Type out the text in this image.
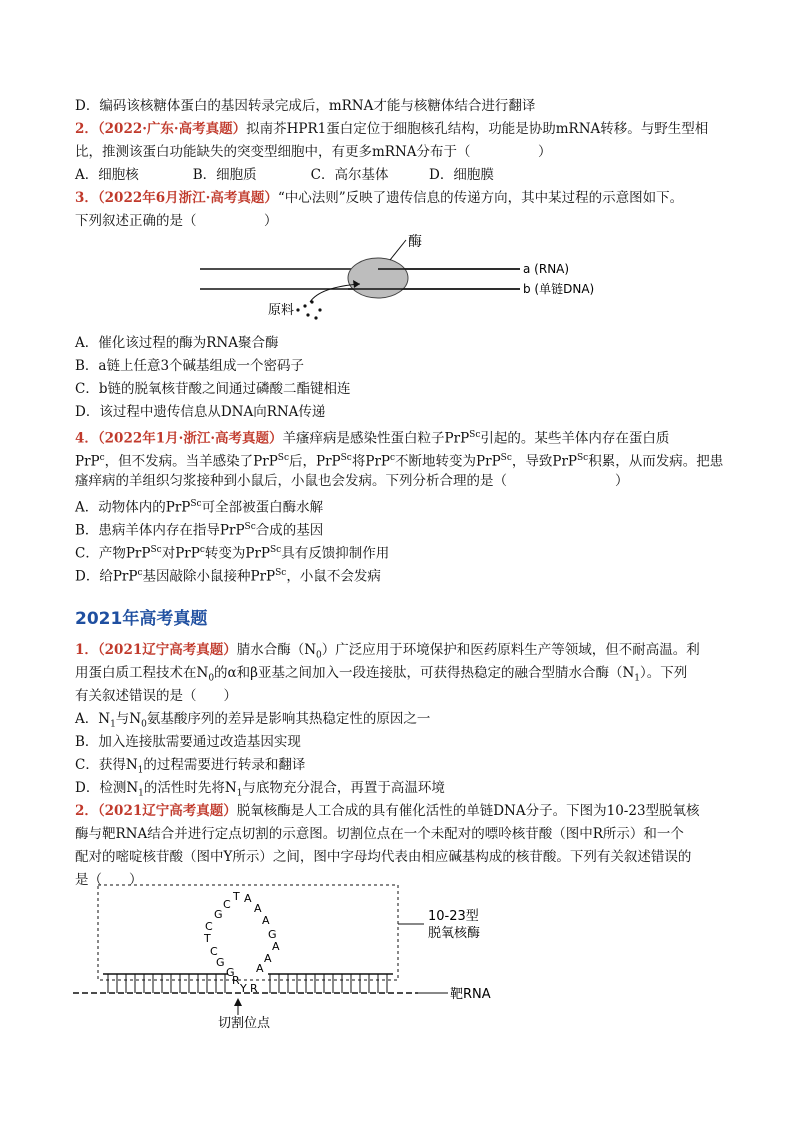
D．编码该核糖体蛋白的基因转录完成后，mRNA才能与核糖体结合进行翻译
2．（2022·广东·高考真题）拟南芥HPR1蛋白定位于细胞核孔结构，功能是协助mRNA转移。与野生型相
比，推测该蛋白功能缺失的突变型细胞中，有更多mRNA分布于（　　　　　）
A．细胞核　　　　B．细胞质　　　　C．高尔基体　　　D．细胞膜
3．（2022年6月浙江·高考真题）“中心法则”反映了遗传信息的传递方向，其中某过程的示意图如下。
下列叙述正确的是（　　　　　）
酶
a (RNA)
b (单链DNA)
原料
A．催化该过程的酶为RNA聚合酶
B．a链上任意3个碱基组成一个密码子
C．b链的脱氧核苷酸之间通过磷酸二酯键相连
D．该过程中遗传信息从DNA向RNA传递
4．（2022年1月·浙江·高考真题）羊瘙痒病是感染性蛋白粒子PrP$^{Sc}$引起的。某些羊体内存在蛋白质
PrP$^c$，但不发病。当羊感染了PrP$^{Sc}$后，PrP$^{Sc}$将PrP$^c$不断地转变为PrP$^{Sc}$，导致PrP$^{Sc}$积累，从而发病。把患
瘙痒病的羊组织匀浆接种到小鼠后，小鼠也会发病。下列分析合理的是（　　　　　　　　）
A．动物体内的PrP$^{Sc}$可全部被蛋白酶水解
B．患病羊体内存在指导PrP$^{Sc}$合成的基因
C．产物PrP$^{Sc}$对PrP$^c$转变为PrP$^{Sc}$具有反馈抑制作用
D．给PrP$^c$基因敲除小鼠接种PrP$^{Sc}$，小鼠不会发病
2021年高考真题
1．（2021辽宁高考真题）腈水合酶$(N_0)$广泛应用于环境保护和医药原料生产等领域，但不耐高温。利
用蛋白质工程技术在$N_0$的α和β亚基之间加入一段连接肽，可获得热稳定的融合型腈水合酶$(N_1)$。下列
有关叙述错误的是（　　）
A．$N_1$与$N_0$氨基酸序列的差异是影响其热稳定性的原因之一
B．加入连接肽需要通过改造基因实现
C．获得$N_1$的过程需要进行转录和翻译
D．检测$N_1$的活性时先将$N_1$与底物充分混合，再置于高温环境
2．（2021辽宁高考真题）脱氧核酶是人工合成的具有催化活性的单链DNA分子。下图为10-23型脱氧核
酶与靶RNA结合并进行定点切割的示意图。切割位点在一个未配对的嘌呤核苷酸（图中R所示）和一个
配对的嘧啶核苷酸（图中Y所示）之间，图中字母均代表由相应碱基构成的核苷酸。下列有关叙述错误的
是（　　）
10-23型
脱氧核酶
靶RNA
C
T A
G
C
A
A
T
C
G
A
G	A
G A
R
Y R
切割位点
